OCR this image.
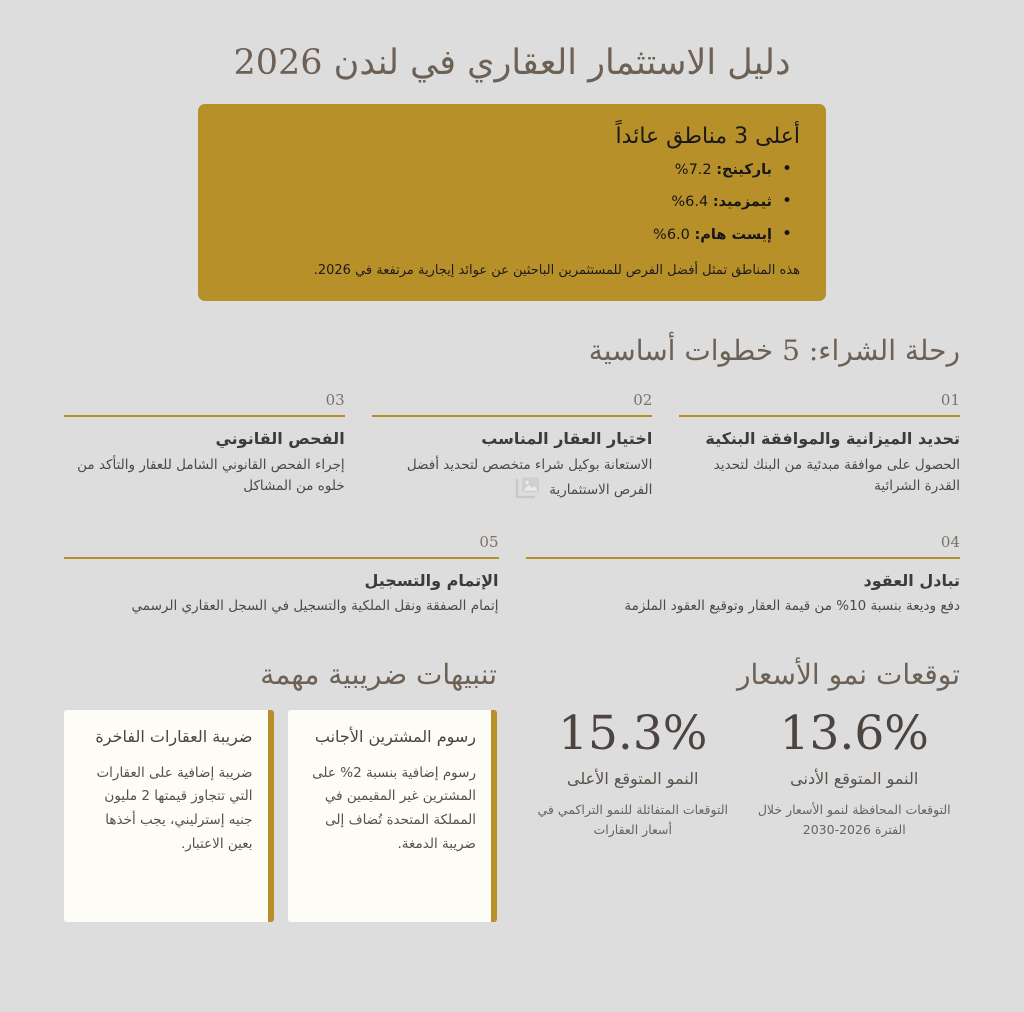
دليل الاستثمار العقاري في لندن 2026
أعلى 3 مناطق عائداً
• باركينج: 7.2%
• ثيمزميد: 6.4%
• إيست هام: 6.0%

هذه المناطق تمثل أفضل الفرص للمستثمرين الباحثين عن عوائد إيجارية مرتفعة في 2026.

رحلة الشراء: 5 خطوات أساسية
01
تحديد الميزانية والموافقة البنكية

الحصول على موافقة مبدئية من البنك لتحديد القدرة الشرائية

02
اختيار العقار المناسب

الاستعانة بوكيل شراء متخصص لتحديد أفضل الفرص الاستثمارية

03
الفحص القانوني

إجراء الفحص القانوني الشامل للعقار والتأكد من خلوه من المشاكل

04
تبادل العقود

دفع وديعة بنسبة 10% من قيمة العقار وتوقيع العقود الملزمة

05
الإتمام والتسجيل

إتمام الصفقة ونقل الملكية والتسجيل في السجل العقاري الرسمي

توقعات نمو الأسعار
13.6%
النمو المتوقع الأدنى
التوقعات المحافظة لنمو الأسعار خلال الفترة 2026-2030
15.3%
النمو المتوقع الأعلى
التوقعات المتفائلة للنمو التراكمي في أسعار العقارات
تنبيهات ضريبية مهمة
رسوم المشترين الأجانب

رسوم إضافية بنسبة 2% على المشترين غير المقيمين في المملكة المتحدة تُضاف إلى ضريبة الدمغة.

ضريبة العقارات الفاخرة

ضريبة إضافية على العقارات التي تتجاوز قيمتها 2 مليون جنيه إسترليني، يجب أخذها بعين الاعتبار.
